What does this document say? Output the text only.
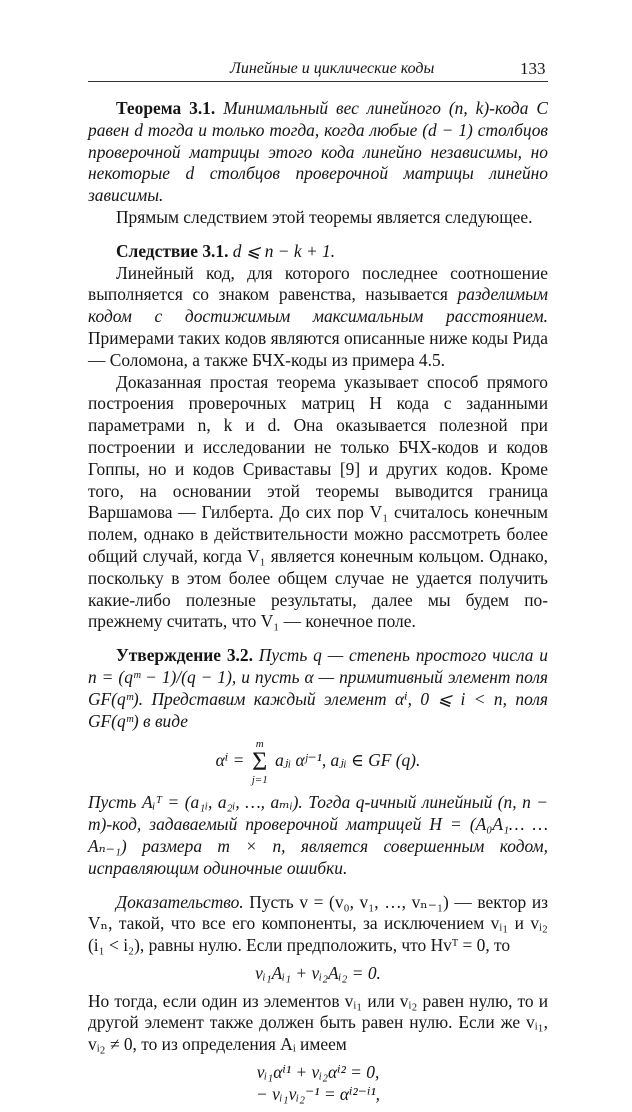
Линейные и циклические коды	133

Теорема 3.1. Минимальный вес линейного (n, k)-кода C равен d тогда и только тогда, когда любые (d − 1) столбцов проверочной матрицы этого кода линейно независимы, но некоторые d столбцов проверочной матрицы линейно зависимы.

Прямым следствием этой теоремы является следующее.

Следствие 3.1. d ⩽ n − k + 1.

Линейный код, для которого последнее соотношение выполняется со знаком равенства, называется разделимым кодом с достижимым максимальным расстоянием. Примерами таких кодов являются описанные ниже коды Рида — Соломона, а также БЧХ-коды из примера 4.5.

Доказанная простая теорема указывает способ прямого построения проверочных матриц H кода с заданными параметрами n, k и d. Она оказывается полезной при построении и исследовании не только БЧХ-кодов и кодов Гоппы, но и кодов Сриваставы [9] и других кодов. Кроме того, на основании этой теоремы выводится граница Варшамова — Гилберта. До сих пор V₁ считалось конечным полем, однако в действительности можно рассмотреть более общий случай, когда V₁ является конечным кольцом. Однако, поскольку в этом более общем случае не удается получить какие-либо полезные результаты, далее мы будем по-прежнему считать, что V₁ — конечное поле.

Утверждение 3.2. Пусть q — степень простого числа и n = (qᵐ − 1)/(q − 1), и пусть α — примитивный элемент поля GF(qᵐ). Представим каждый элемент αⁱ, 0 ⩽ i < n, поля GF(qᵐ) в виде

αⁱ =
m
Σ
j=1
aⱼᵢ αʲ⁻¹, aⱼᵢ ∈ GF (q).

Пусть Aᵢᵀ = (a₁ᵢ, a₂ᵢ, …, aₘᵢ). Тогда q-ичный линейный (n, n − m)-код, задаваемый проверочной матрицей H = (A₀A₁… …Aₙ₋₁) размера m × n, является совершенным кодом, исправляющим одиночные ошибки.

Доказательство. Пусть v = (v₀, v₁, …, vₙ₋₁) — вектор из Vₙ, такой, что все его компоненты, за исключением vᵢ₁ и vᵢ₂ (i₁ < i₂), равны нулю. Если предположить, что Hvᵀ = 0, то

vᵢ₁Aᵢ₁ + vᵢ₂Aᵢ₂ = 0.

Но тогда, если один из элементов vᵢ₁ или vᵢ₂ равен нулю, то и другой элемент также должен быть равен нулю. Если же vᵢ₁, vᵢ₂ ≠ 0, то из определения Aᵢ имеем

vᵢ₁αⁱ¹ + vᵢ₂αⁱ² = 0,
− vᵢ₁vᵢ₂⁻¹ = αⁱ²⁻ⁱ¹,
